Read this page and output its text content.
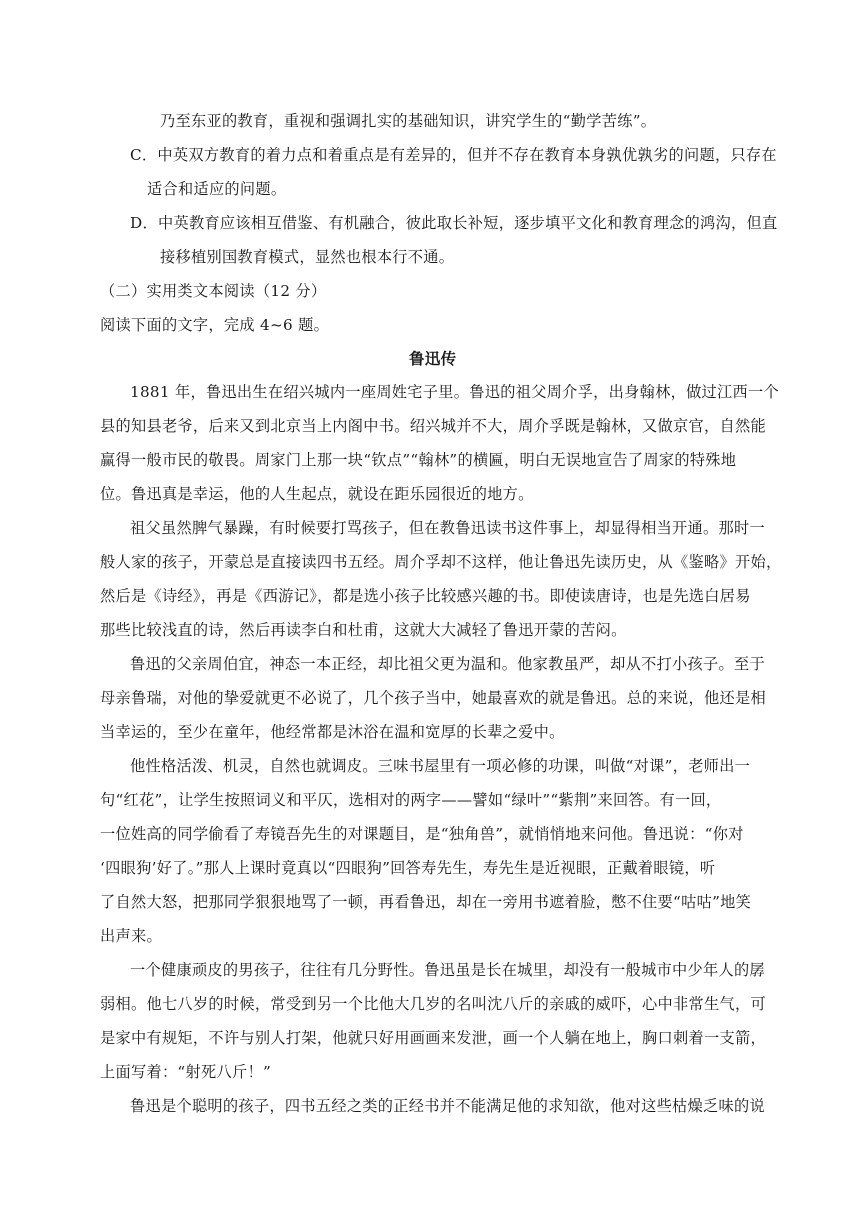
乃至东亚的教育，重视和强调扎实的基础知识，讲究学生的“勤学苦练”。
C．中英双方教育的着力点和着重点是有差异的，但并不存在教育本身孰优孰劣的问题，只存在
适合和适应的问题。
D．中英教育应该相互借鉴、有机融合，彼此取长补短，逐步填平文化和教育理念的鸿沟，但直
接移植别国教育模式，显然也根本行不通。
（二）实用类文本阅读（12 分）
阅读下面的文字，完成 4~6 题。
鲁迅传
1881 年，鲁迅出生在绍兴城内一座周姓宅子里。鲁迅的祖父周介孚，出身翰林，做过江西一个
县的知县老爷，后来又到北京当上内阁中书。绍兴城并不大，周介孚既是翰林，又做京官，自然能
赢得一般市民的敬畏。周家门上那一块“钦点”“翰林”的横匾，明白无误地宣告了周家的特殊地
位。鲁迅真是幸运，他的人生起点，就设在距乐园很近的地方。
祖父虽然脾气暴躁，有时候要打骂孩子，但在教鲁迅读书这件事上，却显得相当开通。那时一
般人家的孩子，开蒙总是直接读四书五经。周介孚却不这样，他让鲁迅先读历史，从《鉴略》开始，
然后是《诗经》，再是《西游记》，都是选小孩子比较感兴趣的书。即使读唐诗，也是先选白居易
那些比较浅直的诗，然后再读李白和杜甫，这就大大减轻了鲁迅开蒙的苦闷。
鲁迅的父亲周伯宜，神态一本正经，却比祖父更为温和。他家教虽严，却从不打小孩子。至于
母亲鲁瑞，对他的挚爱就更不必说了，几个孩子当中，她最喜欢的就是鲁迅。总的来说，他还是相
当幸运的，至少在童年，他经常都是沐浴在温和宽厚的长辈之爱中。
他性格活泼、机灵，自然也就调皮。三味书屋里有一项必修的功课，叫做“对课”，老师出一
句“红花”，让学生按照词义和平仄，选相对的两字——譬如“绿叶”“紫荆”来回答。有一回，
一位姓高的同学偷看了寿镜吾先生的对课题目，是“独角兽”，就悄悄地来问他。鲁迅说：“你对
‘四眼狗’好了。”那人上课时竟真以“四眼狗”回答寿先生，寿先生是近视眼，正戴着眼镜，听
了自然大怒，把那同学狠狠地骂了一顿，再看鲁迅，却在一旁用书遮着脸，憋不住要“咕咕”地笑
出声来。
一个健康顽皮的男孩子，往往有几分野性。鲁迅虽是长在城里，却没有一般城市中少年人的孱
弱相。他七八岁的时候，常受到另一个比他大几岁的名叫沈八斤的亲戚的威吓，心中非常生气，可
是家中有规矩，不许与别人打架，他就只好用画画来发泄，画一个人躺在地上，胸口刺着一支箭，
上面写着：“射死八斤！”
鲁迅是个聪明的孩子，四书五经之类的正经书并不能满足他的求知欲，他对这些枯燥乏味的说
